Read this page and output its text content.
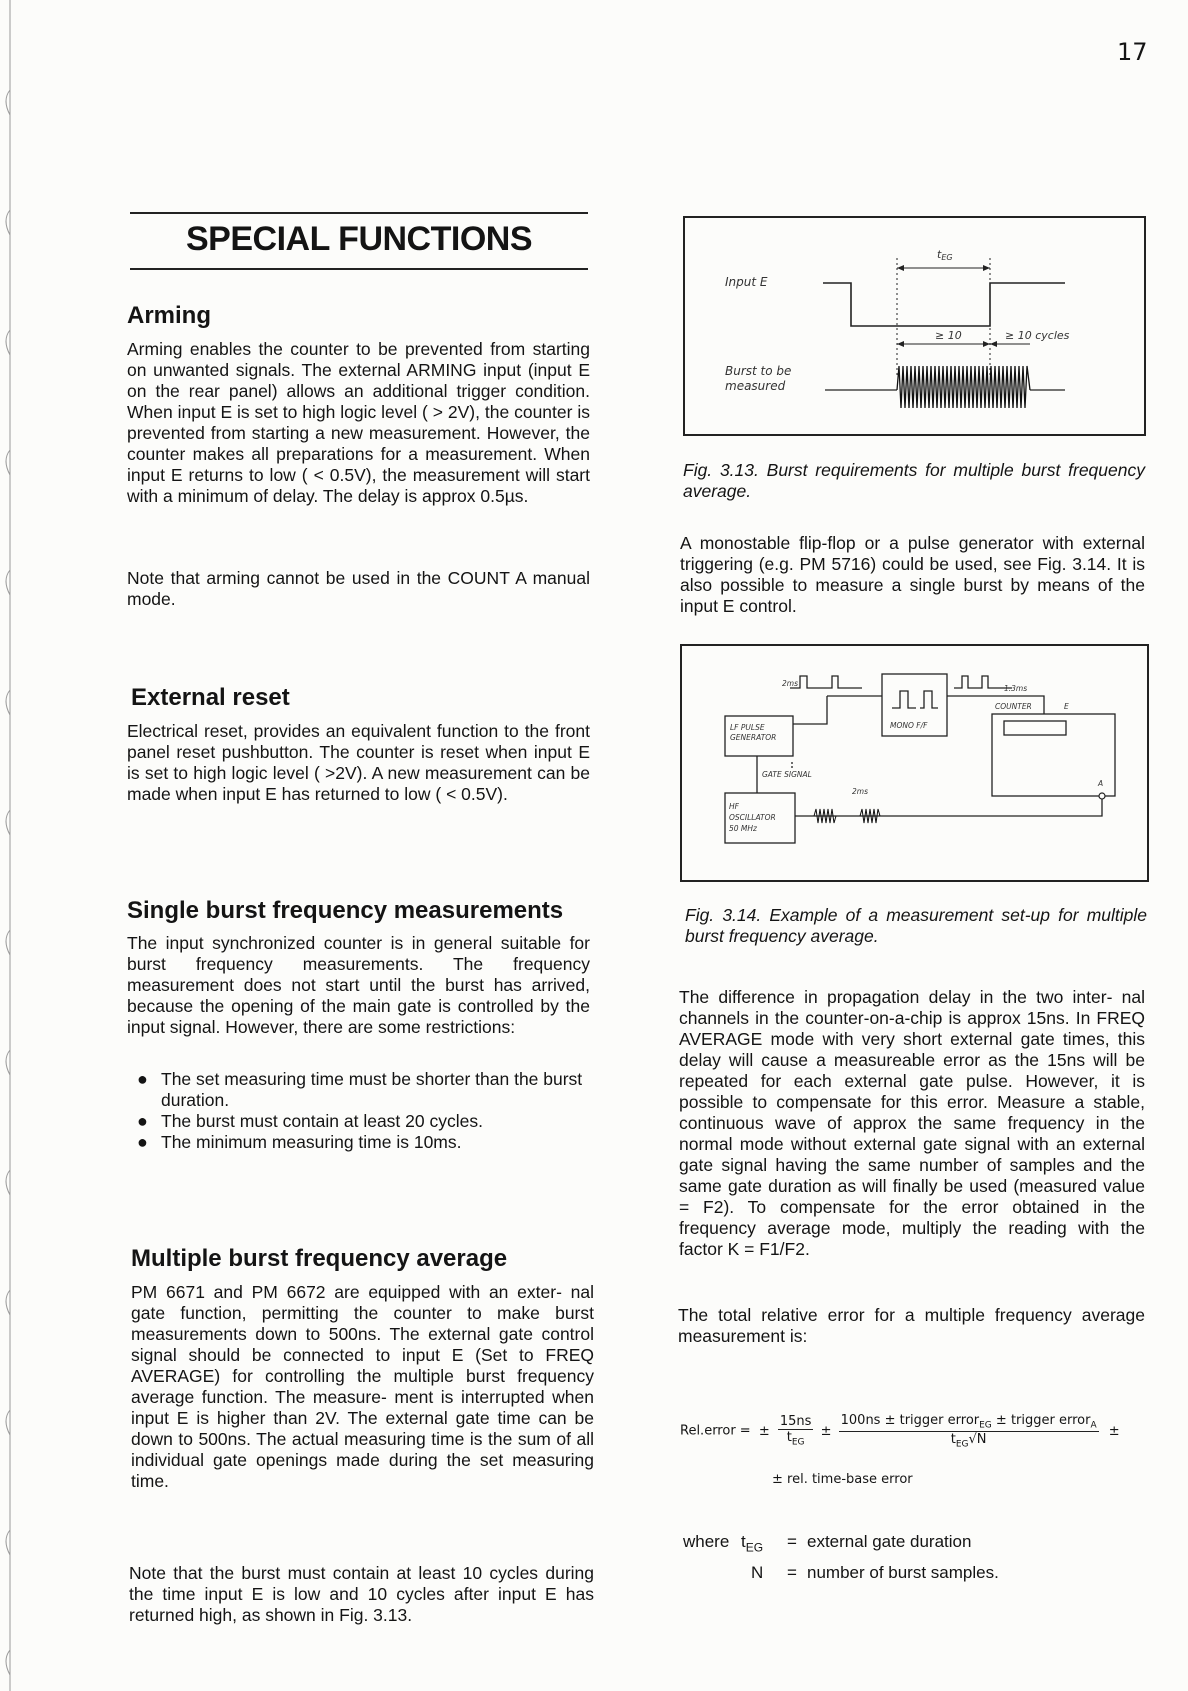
17
SPECIAL FUNCTIONS
Arming

Arming enables the counter to be prevented from starting on unwanted signals. The external ARMING input (input E on the rear panel) allows an additional trigger condition. When input E is set to high logic level ( > 2V), the counter is prevented from starting a new measurement. However, the counter makes all preparations for a measurement. When input E returns to low ( < 0.5V), the measurement will start with a minimum of delay. The delay is approx 0.5µs.

Note that arming cannot be used in the COUNT A manual mode.

External reset

Electrical reset, provides an equivalent function to the front panel reset pushbutton. The counter is reset when input E is set to high logic level ( >2V). A new measurement can be made when input E has returned to low ( < 0.5V).

Single burst frequency measurements

The input synchronized counter is in general suitable for burst frequency measurements. The frequency measurement does not start until the burst has arrived, because the opening of the main gate is controlled by the input signal. However, there are some restrictions:

● The set measuring time must be shorter than the burst duration.
● The burst must contain at least 20 cycles.
● The minimum measuring time is 10ms.
Multiple burst frequency average

PM 6671 and PM 6672 are equipped with an exter- nal gate function, permitting the counter to make burst measurements down to 500ns. The external gate control signal should be connected to input E (Set to FREQ AVERAGE) for controlling the multiple burst frequency average function. The measure- ment is interrupted when input E is higher than 2V. The external gate time can be down to 500ns. The actual measuring time is the sum of all individual gate openings made during the set measuring time.

Note that the burst must contain at least 10 cycles during the time input E is low and 10 cycles after input E has returned high, as shown in Fig. 3.13.

tEG
Input E
Burst to be
measured
≥ 10	≥ 10 cycles

Fig. 3.13. Burst requirements for multiple burst frequency average.

A monostable flip-flop or a pulse generator with external triggering (e.g. PM 5716) could be used, see Fig. 3.14. It is also possible to measure a single burst by means of the input E control.

LF PULSE
GENERATOR
MONO F/F
COUNTER	E
A
HF
OSCILLATOR
50 MHz
GATE SIGNAL
2ms
1.3ms
2ms

Fig. 3.14. Example of a measurement set-up for multiple burst frequency average.

The difference in propagation delay in the two inter- nal channels in the counter-on-a-chip is approx 15ns. In FREQ AVERAGE mode with very short external gate times, this delay will cause a measureable error as the 15ns will be repeated for each external gate pulse. However, it is possible to compensate for this error. Measure a stable, continuous wave of approx the same frequency in the normal mode without external gate signal with an external gate signal having the same number of samples and the same gate duration as will finally be used (measured value = F2). To compensate for the error obtained in the frequency average mode, multiply the reading with the factor K = F1/F2.

The total relative error for a multiple frequency average measurement is:

Rel.error = ± $\frac{15ns}{t_{EG}} \pm \frac{100ns \pm trigger error_{EG} \pm trigger error_A}{t_{EG}√N}$ ±
± rel. time-base error
where $t_{EG}$ = external gate duration
N = number of burst samples.
